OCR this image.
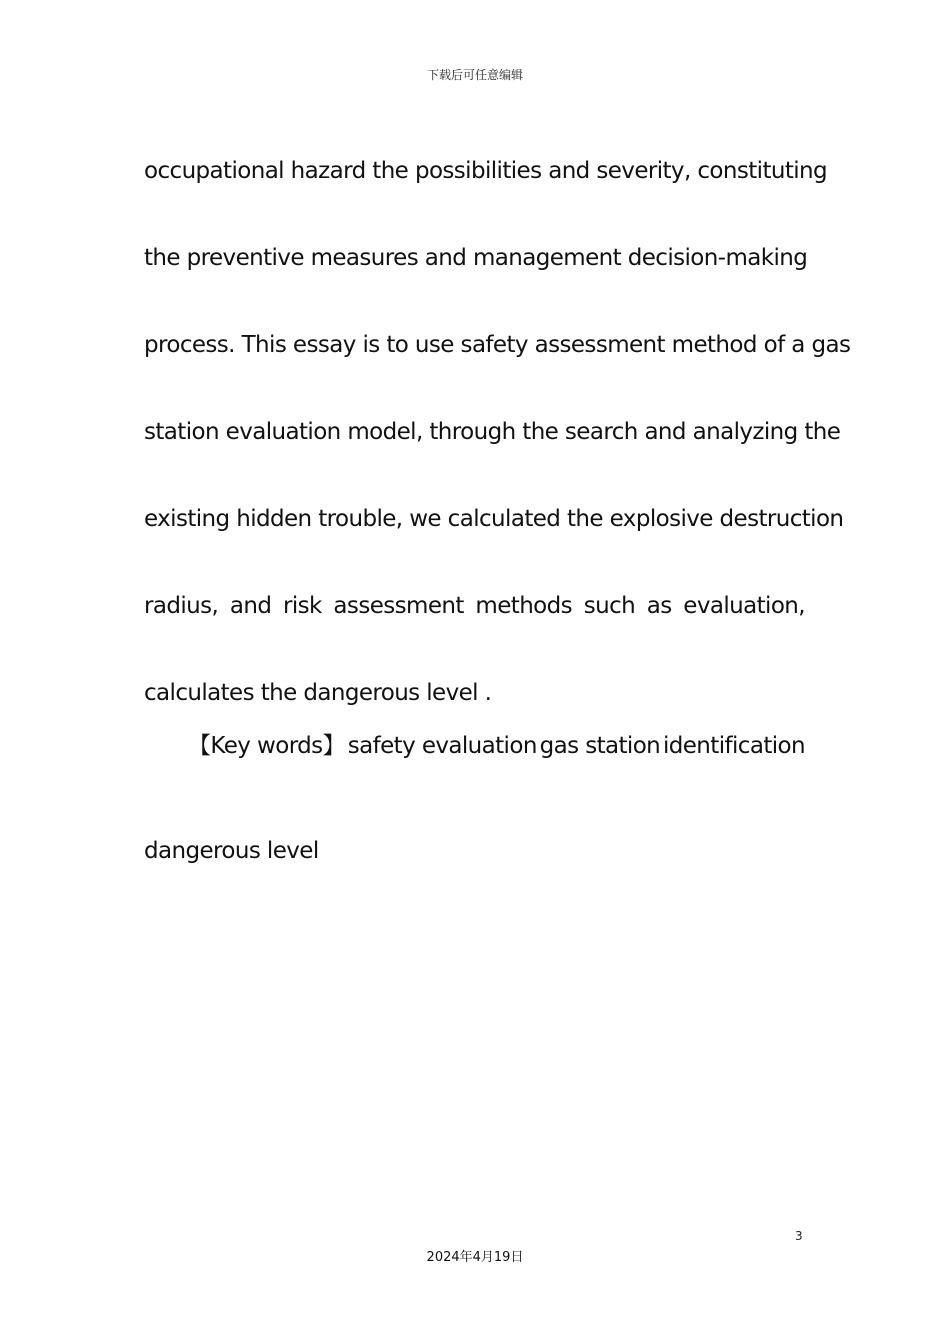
下载后可任意编辑
occupational hazard the possibilities and severity, constituting
the preventive measures and management decision-making
process. This essay is to use safety assessment method of a gas
station evaluation model, through the search and analyzing the
existing hidden trouble, we calculated the explosive destruction
radius, and risk assessment methods such as evaluation,
calculates the dangerous level .
【Key words】 safety evaluation gas station identification
dangerous level
3
2024年4月19日
